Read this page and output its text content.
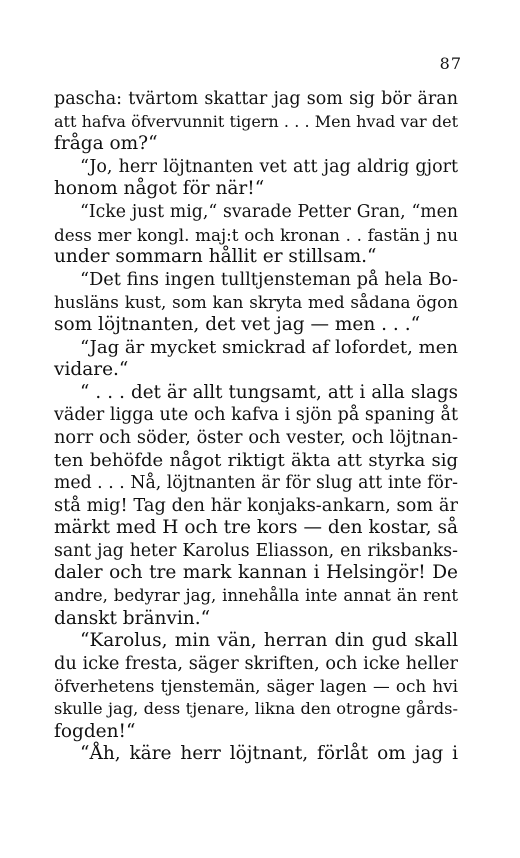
87
pascha: tvärtom skattar jag som sig bör äran
att hafva öfvervunnit tigern . . . Men hvad var det
fråga om?“
“Jo, herr löjtnanten vet att jag aldrig gjort
honom något för när!“
“Icke just mig,“ svarade Petter Gran, “men
dess mer kongl. maj:t och kronan . . fastän j nu
under sommarn hållit er stillsam.“
“Det fins ingen tulltjensteman på hela Bo-
husläns kust, som kan skryta med sådana ögon
som löjtnanten, det vet jag — men . . .“
“Jag är mycket smickrad af lofordet, men
vidare.“
“ . . . det är allt tungsamt, att i alla slags
väder ligga ute och kafva i sjön på spaning åt
norr och söder, öster och vester, och löjtnan-
ten behöfde något riktigt äkta att styrka sig
med . . . Nå, löjtnanten är för slug att inte för-
stå mig! Tag den här konjaks-ankarn, som är
märkt med H och tre kors — den kostar, så
sant jag heter Karolus Eliasson, en riksbanks-
daler och tre mark kannan i Helsingör! De
andre, bedyrar jag, innehålla inte annat än rent
danskt bränvin.“
“Karolus, min vän, herran din gud skall
du icke fresta, säger skriften, och icke heller
öfverhetens tjenstemän, säger lagen — och hvi
skulle jag, dess tjenare, likna den otrogne gårds-
fogden!“
“Åh, käre herr löjtnant, förlåt om jag i
